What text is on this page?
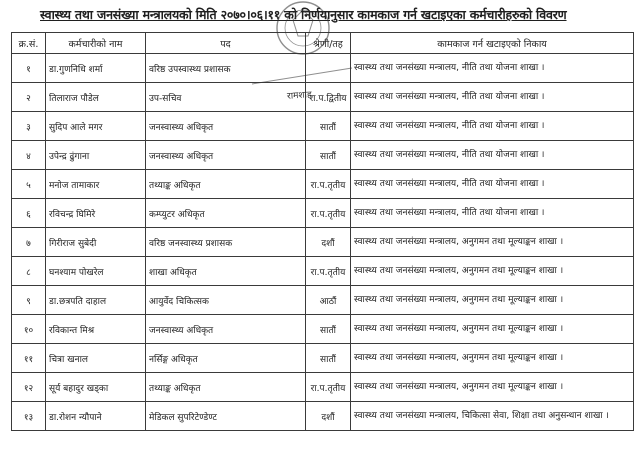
स्वास्थ्य तथा जनसंख्या मन्त्रालयको मिति २०७०।०६।११ को निर्णयानुसार कामकाज गर्न खटाइएका कर्मचारीहरुको विवरण
क्र.सं.	कर्मचारीको नाम	पद	श्रेणी/तह	कामकाज गर्न खटाइएको निकाय
१	डा.गुणनिधि शर्मा	वरिष्ठ उपस्वास्थ्य प्रशासक		स्वास्थ्य तथा जनसंख्या मन्त्रालय, नीति तथा योजना शाखा ।
२	तिलाराज पौडेल	उप-सचिव	रा.प.द्वितीय	स्वास्थ्य तथा जनसंख्या मन्त्रालय, नीति तथा योजना शाखा ।
३	सुदिप आले मगर	जनस्वास्थ्य अधिकृत	सातौं	स्वास्थ्य तथा जनसंख्या मन्त्रालय, नीति तथा योजना शाखा ।
४	उपेन्द्र ढुंगाना	जनस्वास्थ्य अधिकृत	सातौं	स्वास्थ्य तथा जनसंख्या मन्त्रालय, नीति तथा योजना शाखा ।
५	मनोज तामाकार	तथ्याङ्क अधिकृत	रा.प.तृतीय	स्वास्थ्य तथा जनसंख्या मन्त्रालय, नीति तथा योजना शाखा ।
६	रविचन्द्र घिमिरे	कम्प्युटर अधिकृत	रा.प.तृतीय	स्वास्थ्य तथा जनसंख्या मन्त्रालय, नीति तथा योजना शाखा ।
७	गिरीराज सुबेदी	वरिष्ठ जनस्वास्थ्य प्रशासक	दशौं	स्वास्थ्य तथा जनसंख्या मन्त्रालय, अनुगमन तथा मूल्याङ्कन शाखा ।
८	घनश्याम पोखरेल	शाखा अधिकृत	रा.प.तृतीय	स्वास्थ्य तथा जनसंख्या मन्त्रालय, अनुगमन तथा मूल्याङ्कन शाखा ।
९	डा.छत्रपति दाहाल	आयुर्वेद चिकित्सक	आठौं	स्वास्थ्य तथा जनसंख्या मन्त्रालय, अनुगमन तथा मूल्याङ्कन शाखा ।
१०	रविकान्त मिश्र	जनस्वास्थ्य अधिकृत	सातौं	स्वास्थ्य तथा जनसंख्या मन्त्रालय, अनुगमन तथा मूल्याङ्कन शाखा ।
११	चित्रा खनाल	नर्सिङ्ग अधिकृत	सातौं	स्वास्थ्य तथा जनसंख्या मन्त्रालय, अनुगमन तथा मूल्याङ्कन शाखा ।
१२	सूर्य बहादुर खड्का	तथ्याङ्क अधिकृत	रा.प.तृतीय	स्वास्थ्य तथा जनसंख्या मन्त्रालय, अनुगमन तथा मूल्याङ्कन शाखा ।
१३	डा.रोशन न्यौपाने	मेडिकल सुपरिटेण्डेण्ट	दशौं	स्वास्थ्य तथा जनसंख्या मन्त्रालय, चिकित्सा सेवा, शिक्षा तथा अनुसन्धान शाखा ।
रामशाह
